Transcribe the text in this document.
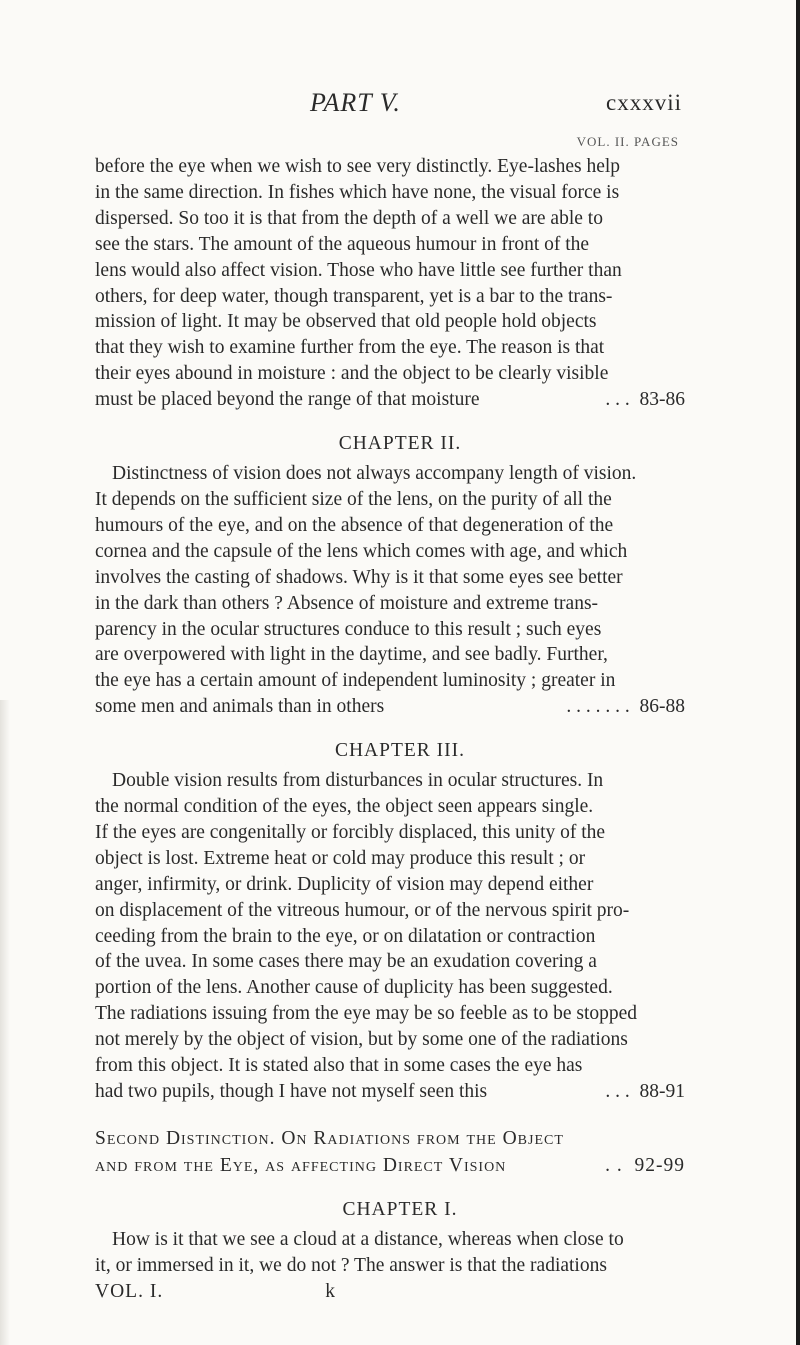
PART V.	cxxxvii
VOL. II. PAGES

before the eye when we wish to see very distinctly. Eye-lashes help
in the same direction. In fishes which have none, the visual force is
dispersed. So too it is that from the depth of a well we are able to
see the stars. The amount of the aqueous humour in front of the
lens would also affect vision. Those who have little see further than
others, for deep water, though transparent, yet is a bar to the trans-
mission of light. It may be observed that old people hold objects
that they wish to examine further from the eye. The reason is that
their eyes abound in moisture : and the object to be clearly visible
must be placed beyond the range of that moisture	. . . 83-86

CHAPTER II.

Distinctness of vision does not always accompany length of vision.
It depends on the sufficient size of the lens, on the purity of all the
humours of the eye, and on the absence of that degeneration of the
cornea and the capsule of the lens which comes with age, and which
involves the casting of shadows. Why is it that some eyes see better
in the dark than others ? Absence of moisture and extreme trans-
parency in the ocular structures conduce to this result ; such eyes
are overpowered with light in the daytime, and see badly. Further,
the eye has a certain amount of independent luminosity ; greater in
some men and animals than in others	. . . . . . . 86-88

CHAPTER III.

Double vision results from disturbances in ocular structures. In
the normal condition of the eyes, the object seen appears single.
If the eyes are congenitally or forcibly displaced, this unity of the
object is lost. Extreme heat or cold may produce this result ; or
anger, infirmity, or drink. Duplicity of vision may depend either
on displacement of the vitreous humour, or of the nervous spirit pro-
ceeding from the brain to the eye, or on dilatation or contraction
of the uvea. In some cases there may be an exudation covering a
portion of the lens. Another cause of duplicity has been suggested.
The radiations issuing from the eye may be so feeble as to be stopped
not merely by the object of vision, but by some one of the radiations
from this object. It is stated also that in some cases the eye has
had two pupils, though I have not myself seen this	. . . 88-91

Second Distinction. On Radiations from the Object
and from the Eye, as affecting Direct Vision	. . 92-99
CHAPTER I.

How is it that we see a cloud at a distance, whereas when close to
it, or immersed in it, we do not ? The answer is that the radiations

VOL. I.	k
